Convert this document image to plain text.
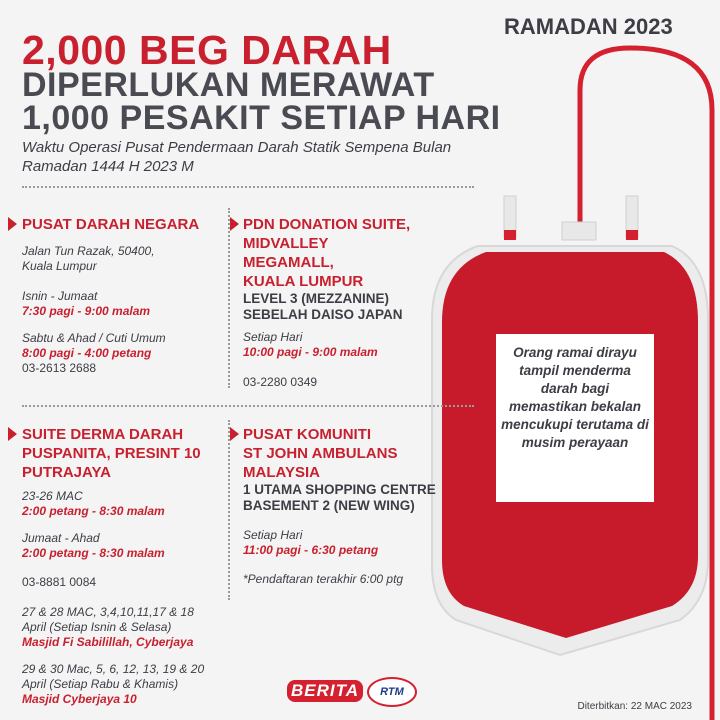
RAMADAN 2023
2,000 BEG DARAH
DIPERLUKAN MERAWAT
1,000 PESAKIT SETIAP HARI
Waktu Operasi Pusat Pendermaan Darah Statik Sempena Bulan Ramadan 1444 H 2023 M
PUSAT DARAH NEGARA
Jalan Tun Razak, 50400,
Kuala Lumpur
Isnin - Jumaat
7:30 pagi - 9:00 malam
Sabtu & Ahad / Cuti Umum
8:00 pagi - 4:00 petang
03-2613 2688
PDN DONATION SUITE,
MIDVALLEY
MEGAMALL,
KUALA LUMPUR
LEVEL 3 (MEZZANINE)
SEBELAH DAISO JAPAN
Setiap Hari
10:00 pagi - 9:00 malam
03-2280 0349
SUITE DERMA DARAH
PUSPANITA, PRESINT 10
PUTRAJAYA
23-26 MAC
2:00 petang - 8:30 malam
Jumaat - Ahad
2:00 petang - 8:30 malam
03-8881 0084
27 & 28 MAC, 3,4,10,11,17 & 18
April (Setiap Isnin & Selasa)
Masjid Fi Sabilillah, Cyberjaya
29 & 30 Mac, 5, 6, 12, 13, 19 & 20
April (Setiap Rabu & Khamis)
Masjid Cyberjaya 10
PUSAT KOMUNITI
ST JOHN AMBULANS
MALAYSIA
1 UTAMA SHOPPING CENTRE
BASEMENT 2 (NEW WING)
Setiap Hari
11:00 pagi - 6:30 petang
*Pendaftaran terakhir 6:00 ptg
Orang ramai dirayu tampil menderma darah bagi memastikan bekalan mencukupi terutama di musim perayaan
BERITA	RTM
Diterbitkan: 22 MAC 2023
